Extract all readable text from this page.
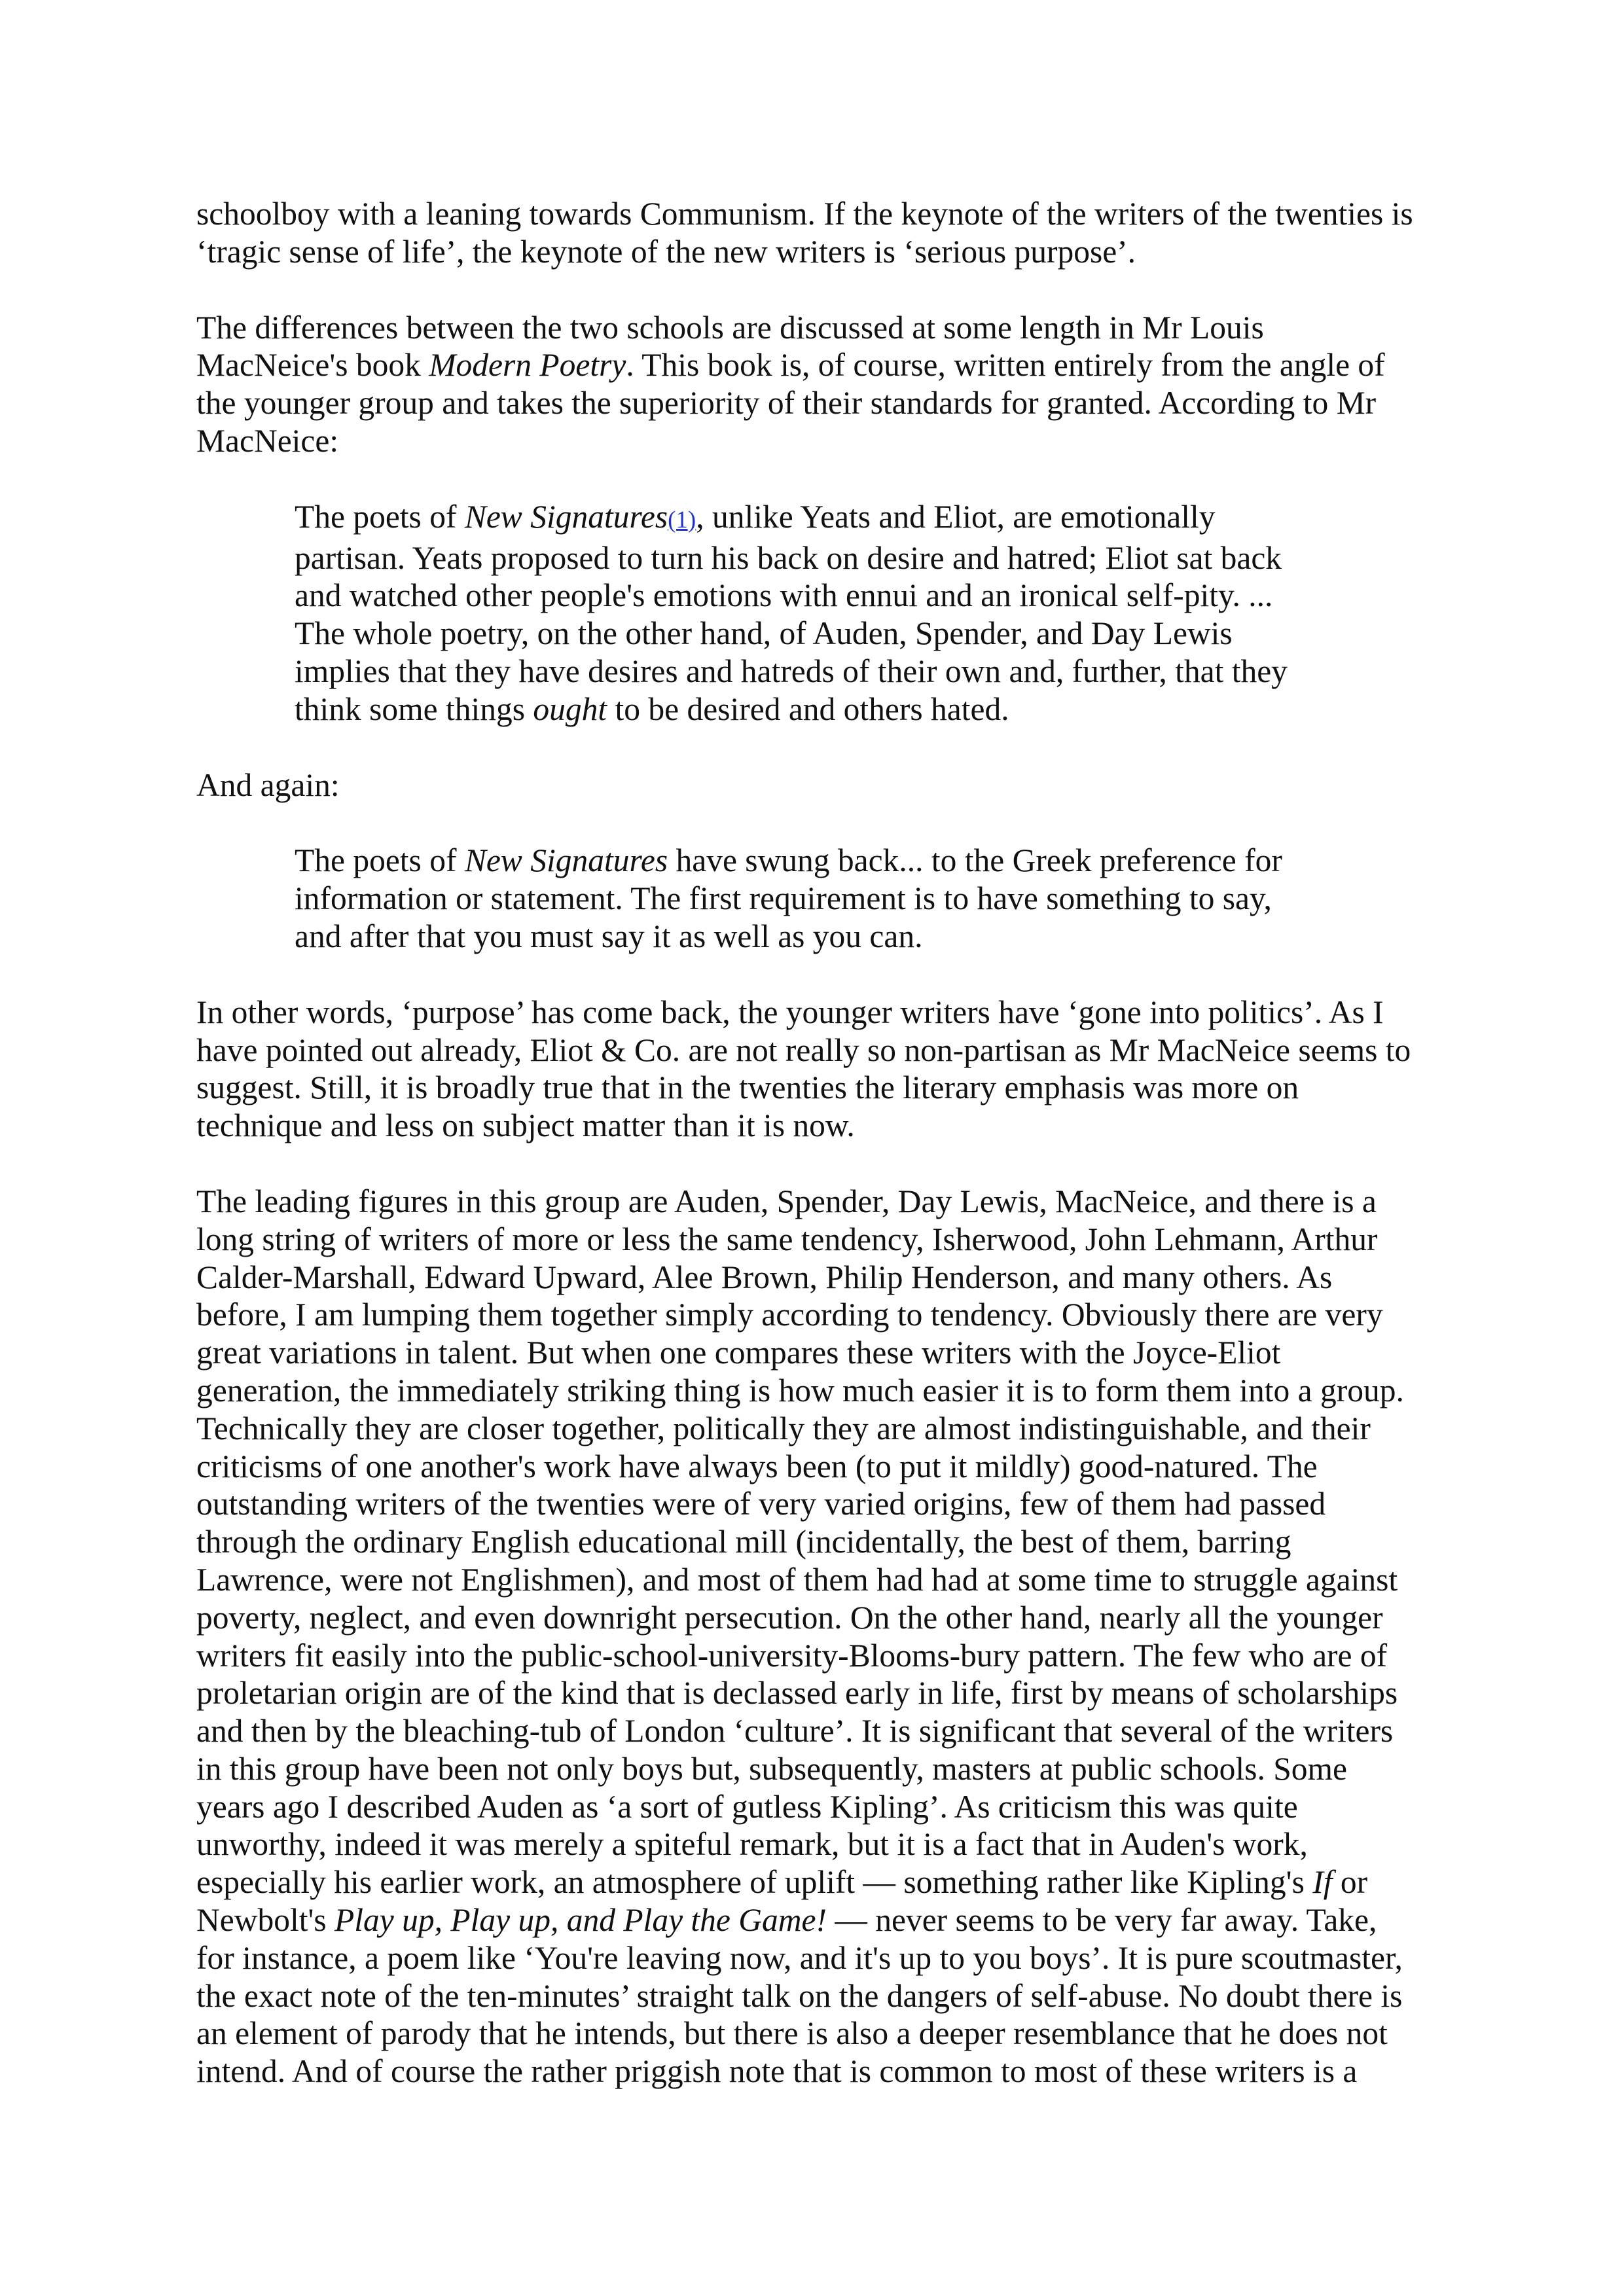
schoolboy with a leaning towards Communism. If the keynote of the writers of the twenties is
‘tragic sense of life’, the keynote of the new writers is ‘serious purpose’.

The differences between the two schools are discussed at some length in Mr Louis
MacNeice's book Modern Poetry. This book is, of course, written entirely from the angle of
the younger group and takes the superiority of their standards for granted. According to Mr
MacNeice:

The poets of New Signatures(1), unlike Yeats and Eliot, are emotionally
partisan. Yeats proposed to turn his back on desire and hatred; Eliot sat back
and watched other people's emotions with ennui and an ironical self-pity. ...
The whole poetry, on the other hand, of Auden, Spender, and Day Lewis
implies that they have desires and hatreds of their own and, further, that they
think some things ought to be desired and others hated.

And again:

The poets of New Signatures have swung back... to the Greek preference for
information or statement. The first requirement is to have something to say,
and after that you must say it as well as you can.

In other words, ‘purpose’ has come back, the younger writers have ‘gone into politics’. As I
have pointed out already, Eliot & Co. are not really so non-partisan as Mr MacNeice seems to
suggest. Still, it is broadly true that in the twenties the literary emphasis was more on
technique and less on subject matter than it is now.

The leading figures in this group are Auden, Spender, Day Lewis, MacNeice, and there is a
long string of writers of more or less the same tendency, Isherwood, John Lehmann, Arthur
Calder-Marshall, Edward Upward, Alee Brown, Philip Henderson, and many others. As
before, I am lumping them together simply according to tendency. Obviously there are very
great variations in talent. But when one compares these writers with the Joyce-Eliot
generation, the immediately striking thing is how much easier it is to form them into a group.
Technically they are closer together, politically they are almost indistinguishable, and their
criticisms of one another's work have always been (to put it mildly) good-natured. The
outstanding writers of the twenties were of very varied origins, few of them had passed
through the ordinary English educational mill (incidentally, the best of them, barring
Lawrence, were not Englishmen), and most of them had had at some time to struggle against
poverty, neglect, and even downright persecution. On the other hand, nearly all the younger
writers fit easily into the public-school-university-Blooms-bury pattern. The few who are of
proletarian origin are of the kind that is declassed early in life, first by means of scholarships
and then by the bleaching-tub of London ‘culture’. It is significant that several of the writers
in this group have been not only boys but, subsequently, masters at public schools. Some
years ago I described Auden as ‘a sort of gutless Kipling’. As criticism this was quite
unworthy, indeed it was merely a spiteful remark, but it is a fact that in Auden's work,
especially his earlier work, an atmosphere of uplift — something rather like Kipling's If or
Newbolt's Play up, Play up, and Play the Game! — never seems to be very far away. Take,
for instance, a poem like ‘You're leaving now, and it's up to you boys’. It is pure scoutmaster,
the exact note of the ten-minutes’ straight talk on the dangers of self-abuse. No doubt there is
an element of parody that he intends, but there is also a deeper resemblance that he does not
intend. And of course the rather priggish note that is common to most of these writers is a
